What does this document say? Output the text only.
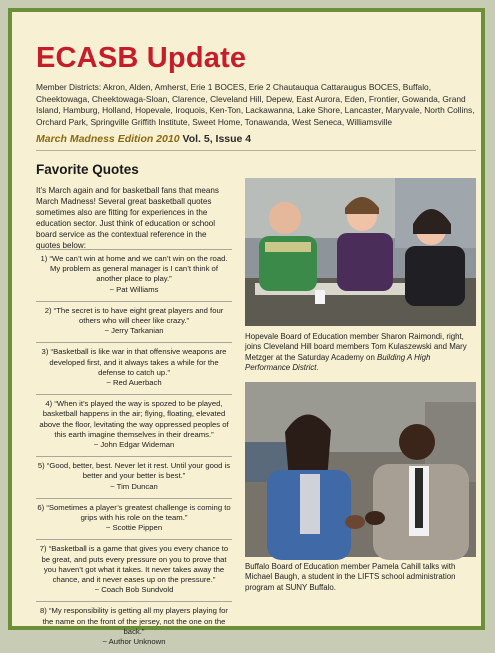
ECASB Update
Member Districts: Akron, Alden, Amherst, Erie 1 BOCES, Erie 2 Chautauqua Cattaraugus BOCES, Buffalo, Cheektowaga, Cheektowaga-Sloan, Clarence, Cleveland Hill, Depew, East Aurora, Eden, Frontier, Gowanda, Grand Island, Hamburg, Holland, Hopevale, Iroquois, Ken-Ton, Lackawanna, Lake Shore, Lancaster, Maryvale, North Collins, Orchard Park, Springville Griffith Institute, Sweet Home, Tonawanda, West Seneca, Williamsville
March Madness Edition 2010 Vol. 5, Issue 4
Favorite Quotes
It’s March again and for basketball fans that means March Madness! Several great basketball quotes sometimes also are fitting for experiences in the education sector. Just think of education or school board service as the contextual reference in the quotes below:
1) “We can’t win at home and we can’t win on the road. My problem as general manager is I can’t think of another place to play.”
~ Pat Williams
2) “The secret is to have eight great players and four others who will cheer like crazy.”
~ Jerry Tarkanian
3) “Basketball is like war in that offensive weapons are developed first, and it always takes a while for the defense to catch up.”
~ Red Auerbach
4) “When it’s played the way is spozed to be played, basketball happens in the air; flying, floating, elevated above the floor, levitating the way oppressed peoples of this earth imagine themselves in their dreams.”
~ John Edgar Wideman
5) “Good, better, best. Never let it rest. Until your good is better and your better is best.”
~ Tim Duncan
6) “Sometimes a player’s greatest challenge is coming to grips with his role on the team.”
~ Scottie Pippen
7) “Basketball is a game that gives you every chance to be great, and puts every pressure on you to prove that you haven’t got what it takes. It never takes away the chance, and it never eases up on the pressure.”
~ Coach Bob Sundvold
8) “My responsibility is getting all my players playing for the name on the front of the jersey, not the one on the back.”
~ Author Unknown
Hopevale Board of Education member Sharon Raimondi, right, joins Cleveland Hill board members Tom Kulaszewski and Mary Metzger at the Saturday Academy on Building A High Performance District.
Buffalo Board of Education member Pamela Cahill talks with Michael Baugh, a student in the LIFTS school administration program at SUNY Buffalo.
